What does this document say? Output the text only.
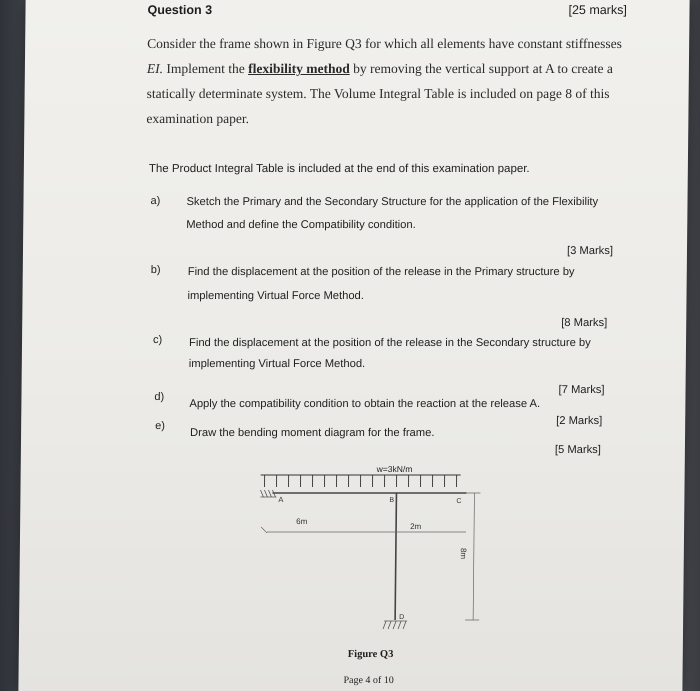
Question 3	[25 marks]
Consider the frame shown in Figure Q3 for which all elements have constant stiffnesses
EI. Implement the flexibility method by removing the vertical support at A to create a
statically determinate system. The Volume Integral Table is included on page 8 of this
examination paper.
The Product Integral Table is included at the end of this examination paper.
a) Sketch the Primary and the Secondary Structure for the application of the Flexibility
Method and define the Compatibility condition.
[3 Marks]
b) Find the displacement at the position of the release in the Primary structure by
implementing Virtual Force Method.
[8 Marks]
c) Find the displacement at the position of the release in the Secondary structure by
implementing Virtual Force Method.
[7 Marks]
d)
Apply the compatibility condition to obtain the reaction at the release A.
[2 Marks]
e)
Draw the bending moment diagram for the frame.
[5 Marks]
w=3kN/m
A	B	C
D
6m
2m
8m
Figure Q3
Page 4 of 10
